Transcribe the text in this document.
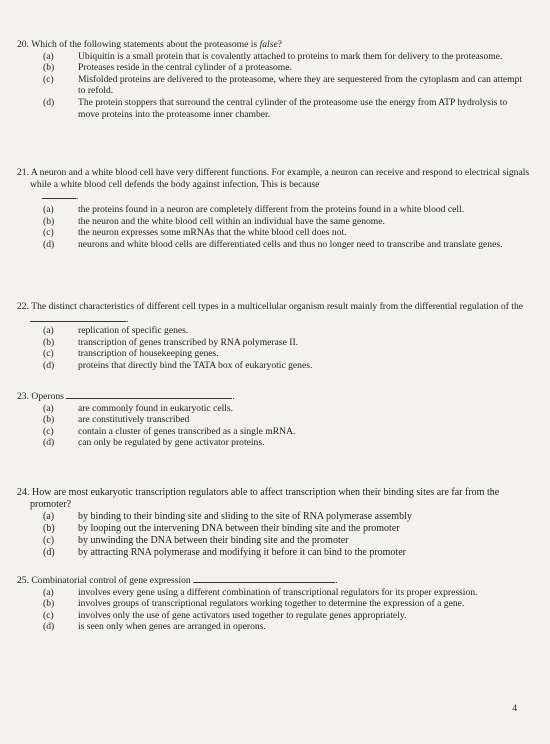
20. Which of the following statements about the proteasome is false?
(a)	Ubiquitin is a small protein that is covalently attached to proteins to mark them for delivery to the proteasome.
(b) Proteases reside in the central cylinder of a proteasome.
(c)	Misfolded proteins are delivered to the proteasome, where they are sequestered from the cytoplasm and can attempt to refold.
(d) The protein stoppers that surround the central cylinder of the proteasome use the energy from ATP hydrolysis to move proteins into the proteasome inner chamber.
21. A neuron and a white blood cell have very different functions. For example, a neuron can receive and respond to electrical signals while a white blood cell defends the body against infection. This is because
.
(a)	the proteins found in a neuron are completely different from the proteins found in a white blood cell.
(b) the neuron and the white blood cell within an individual have the same genome.
(c)	the neuron expresses some mRNAs that the white blood cell does not.
(d) neurons and white blood cells are differentiated cells and thus no longer need to transcribe and translate genes.
22. The distinct characteristics of different cell types in a multicellular organism result mainly from the differential regulation of the .
(a)	replication of specific genes.
(b) transcription of genes transcribed by RNA polymerase II.
(c)	transcription of housekeeping genes.
(d) proteins that directly bind the TATA box of eukaryotic genes.
23. Operons	.
(a)	are commonly found in eukaryotic cells.
(b) are constitutively transcribed
(c)	contain a cluster of genes transcribed as a single mRNA.
(d) can only be regulated by gene activator proteins.
24. How are most eukaryotic transcription regulators able to affect transcription when their binding sites are far from the promoter?
(a) by binding to their binding site and sliding to the site of RNA polymerase assembly
(b) by looping out the intervening DNA between their binding site and the promoter
(c) by unwinding the DNA between their binding site and the promoter
(d) by attracting RNA polymerase and modifying it before it can bind to the promoter
25. Combinatorial control of gene expression	.
(a)	involves every gene using a different combination of transcriptional regulators for its proper expression.
(b) involves groups of transcriptional regulators working together to determine the expression of a gene.
(c)	involves only the use of gene activators used together to regulate genes appropriately.
(d) is seen only when genes are arranged in operons.
4
